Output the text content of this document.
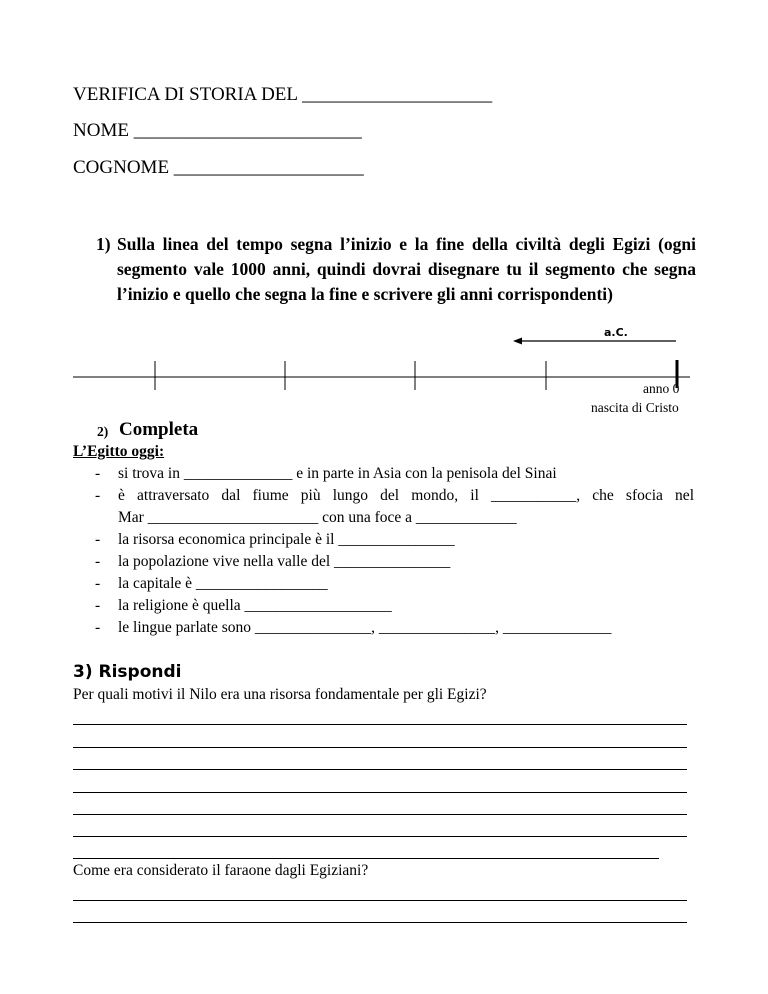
VERIFICA DI STORIA DEL ____________________
NOME ________________________
COGNOME ____________________
1) Sulla linea del tempo segna l’inizio e la fine della civiltà degli Egizi (ogni segmento vale 1000 anni, quindi dovrai disegnare tu il segmento che segna l’inizio e quello che segna la fine e scrivere gli anni corrispondenti)
a.C.
anno 0
nascita di Cristo
2) Completa
L’Egitto oggi:
- si trova in ______________ e in parte in Asia con la penisola del Sinai
- è attraversato dal fiume più lungo del mondo, il ___________, che sfocia nel
Mar ______________________ con una foce a _____________
- la risorsa economica principale è il _______________
- la popolazione vive nella valle del _______________
- la capitale è _________________
- la religione è quella ___________________
- le lingue parlate sono _______________, _______________, ______________
3) Rispondi
Per quali motivi il Nilo era una risorsa fondamentale per gli Egizi?
Come era considerato il faraone dagli Egiziani?
